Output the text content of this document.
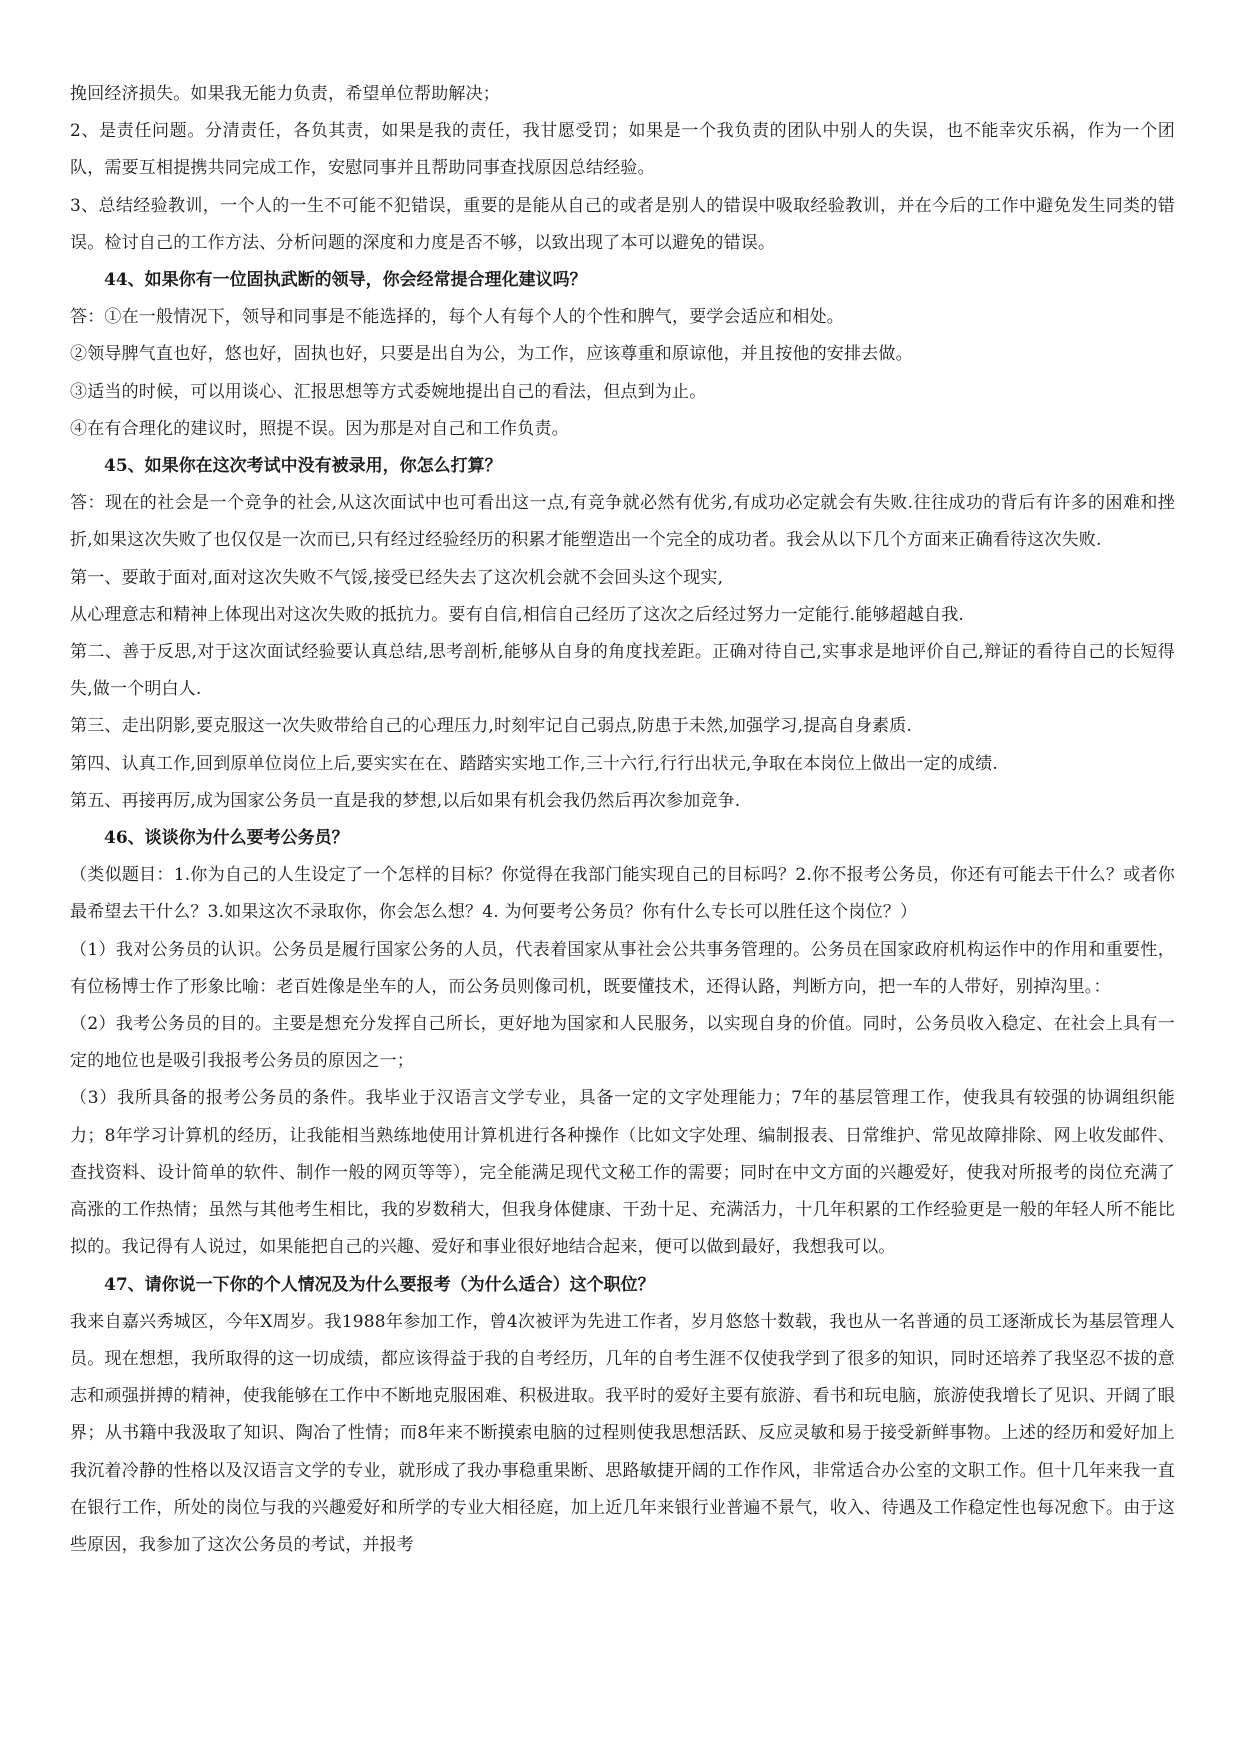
挽回经济损失。如果我无能力负责，希望单位帮助解决；

2、是责任问题。分清责任，各负其责，如果是我的责任，我甘愿受罚；如果是一个我负责的团队中别人的失误，也不能幸灾乐祸，作为一个团队，需要互相提携共同完成工作，安慰同事并且帮助同事查找原因总结经验。

3、总结经验教训，一个人的一生不可能不犯错误，重要的是能从自己的或者是别人的错误中吸取经验教训，并在今后的工作中避免发生同类的错误。检讨自己的工作方法、分析问题的深度和力度是否不够，以致出现了本可以避免的错误。

44、如果你有一位固执武断的领导，你会经常提合理化建议吗？

答：①在一般情况下，领导和同事是不能选择的，每个人有每个人的个性和脾气，要学会适应和相处。

②领导脾气直也好，悠也好，固执也好，只要是出自为公，为工作，应该尊重和原谅他，并且按他的安排去做。

③适当的时候，可以用谈心、汇报思想等方式委婉地提出自己的看法，但点到为止。

④在有合理化的建议时，照提不误。因为那是对自己和工作负责。

45、如果你在这次考试中没有被录用，你怎么打算？

答：现在的社会是一个竞争的社会,从这次面试中也可看出这一点,有竞争就必然有优劣,有成功必定就会有失败.往往成功的背后有许多的困难和挫折,如果这次失败了也仅仅是一次而已,只有经过经验经历的积累才能塑造出一个完全的成功者。我会从以下几个方面来正确看待这次失败.

第一、要敢于面对,面对这次失败不气馁,接受已经失去了这次机会就不会回头这个现实,

从心理意志和精神上体现出对这次失败的抵抗力。要有自信,相信自己经历了这次之后经过努力一定能行.能够超越自我.

第二、善于反思,对于这次面试经验要认真总结,思考剖析,能够从自身的角度找差距。正确对待自己,实事求是地评价自己,辩证的看待自己的长短得失,做一个明白人.

第三、走出阴影,要克服这一次失败带给自己的心理压力,时刻牢记自己弱点,防患于未然,加强学习,提高自身素质.

第四、认真工作,回到原单位岗位上后,要实实在在、踏踏实实地工作,三十六行,行行出状元,争取在本岗位上做出一定的成绩.

第五、再接再厉,成为国家公务员一直是我的梦想,以后如果有机会我仍然后再次参加竞争.

46、谈谈你为什么要考公务员？

（类似题目：1.你为自己的人生设定了一个怎样的目标？你觉得在我部门能实现自己的目标吗？2.你不报考公务员，你还有可能去干什么？或者你最希望去干什么？3.如果这次不录取你，你会怎么想？4. 为何要考公务员？你有什么专长可以胜任这个岗位？）

（1）我对公务员的认识。公务员是履行国家公务的人员，代表着国家从事社会公共事务管理的。公务员在国家政府机构运作中的作用和重要性，有位杨博士作了形象比喻：老百姓像是坐车的人，而公务员则像司机，既要懂技术，还得认路，判断方向，把一车的人带好，别掉沟里。：

（2）我考公务员的目的。主要是想充分发挥自己所长，更好地为国家和人民服务，以实现自身的价值。同时，公务员收入稳定、在社会上具有一定的地位也是吸引我报考公务员的原因之一；

（3）我所具备的报考公务员的条件。我毕业于汉语言文学专业，具备一定的文字处理能力；7年的基层管理工作，使我具有较强的协调组织能力；8年学习计算机的经历，让我能相当熟练地使用计算机进行各种操作（比如文字处理、编制报表、日常维护、常见故障排除、网上收发邮件、查找资料、设计简单的软件、制作一般的网页等等），完全能满足现代文秘工作的需要；同时在中文方面的兴趣爱好，使我对所报考的岗位充满了高涨的工作热情；虽然与其他考生相比，我的岁数稍大，但我身体健康、干劲十足、充满活力，十几年积累的工作经验更是一般的年轻人所不能比拟的。我记得有人说过，如果能把自己的兴趣、爱好和事业很好地结合起来，便可以做到最好，我想我可以。

47、请你说一下你的个人情况及为什么要报考（为什么适合）这个职位？

我来自嘉兴秀城区，今年X周岁。我1988年参加工作，曾4次被评为先进工作者，岁月悠悠十数载，我也从一名普通的员工逐渐成长为基层管理人员。现在想想，我所取得的这一切成绩，都应该得益于我的自考经历，几年的自考生涯不仅使我学到了很多的知识，同时还培养了我坚忍不拔的意志和顽强拼搏的精神，使我能够在工作中不断地克服困难、积极进取。我平时的爱好主要有旅游、看书和玩电脑，旅游使我增长了见识、开阔了眼界；从书籍中我汲取了知识、陶冶了性情；而8年来不断摸索电脑的过程则使我思想活跃、反应灵敏和易于接受新鲜事物。上述的经历和爱好加上我沉着冷静的性格以及汉语言文学的专业，就形成了我办事稳重果断、思路敏捷开阔的工作作风，非常适合办公室的文职工作。但十几年来我一直在银行工作，所处的岗位与我的兴趣爱好和所学的专业大相径庭，加上近几年来银行业普遍不景气，收入、待遇及工作稳定性也每况愈下。由于这些原因，我参加了这次公务员的考试，并报考
